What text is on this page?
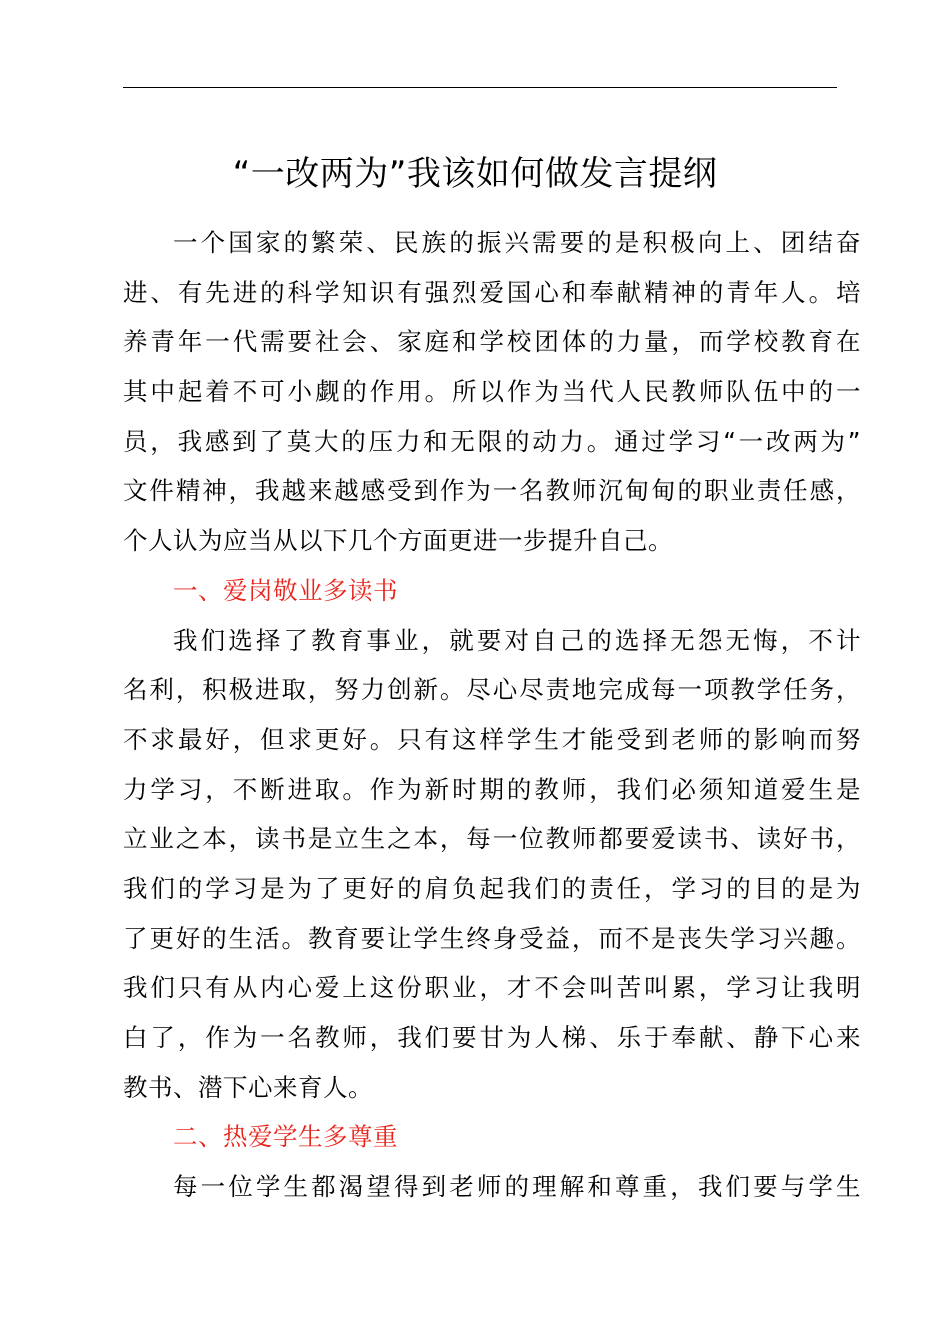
“一改两为”我该如何做发言提纲
一个国家的繁荣、民族的振兴需要的是积极向上、团结奋
进、有先进的科学知识有强烈爱国心和奉献精神的青年人。培
养青年一代需要社会、家庭和学校团体的力量，而学校教育在
其中起着不可小觑的作用。所以作为当代人民教师队伍中的一
员，我感到了莫大的压力和无限的动力。通过学习“一改两为”
文件精神，我越来越感受到作为一名教师沉甸甸的职业责任感，
个人认为应当从以下几个方面更进一步提升自己。
一、爱岗敬业多读书
我们选择了教育事业，就要对自己的选择无怨无悔，不计
名利，积极进取，努力创新。尽心尽责地完成每一项教学任务，
不求最好，但求更好。只有这样学生才能受到老师的影响而努
力学习，不断进取。作为新时期的教师，我们必须知道爱生是
立业之本，读书是立生之本，每一位教师都要爱读书、读好书，
我们的学习是为了更好的肩负起我们的责任，学习的目的是为
了更好的生活。教育要让学生终身受益，而不是丧失学习兴趣。
我们只有从内心爱上这份职业，才不会叫苦叫累，学习让我明
白了，作为一名教师，我们要甘为人梯、乐于奉献、静下心来
教书、潜下心来育人。
二、热爱学生多尊重
每一位学生都渴望得到老师的理解和尊重，我们要与学生
